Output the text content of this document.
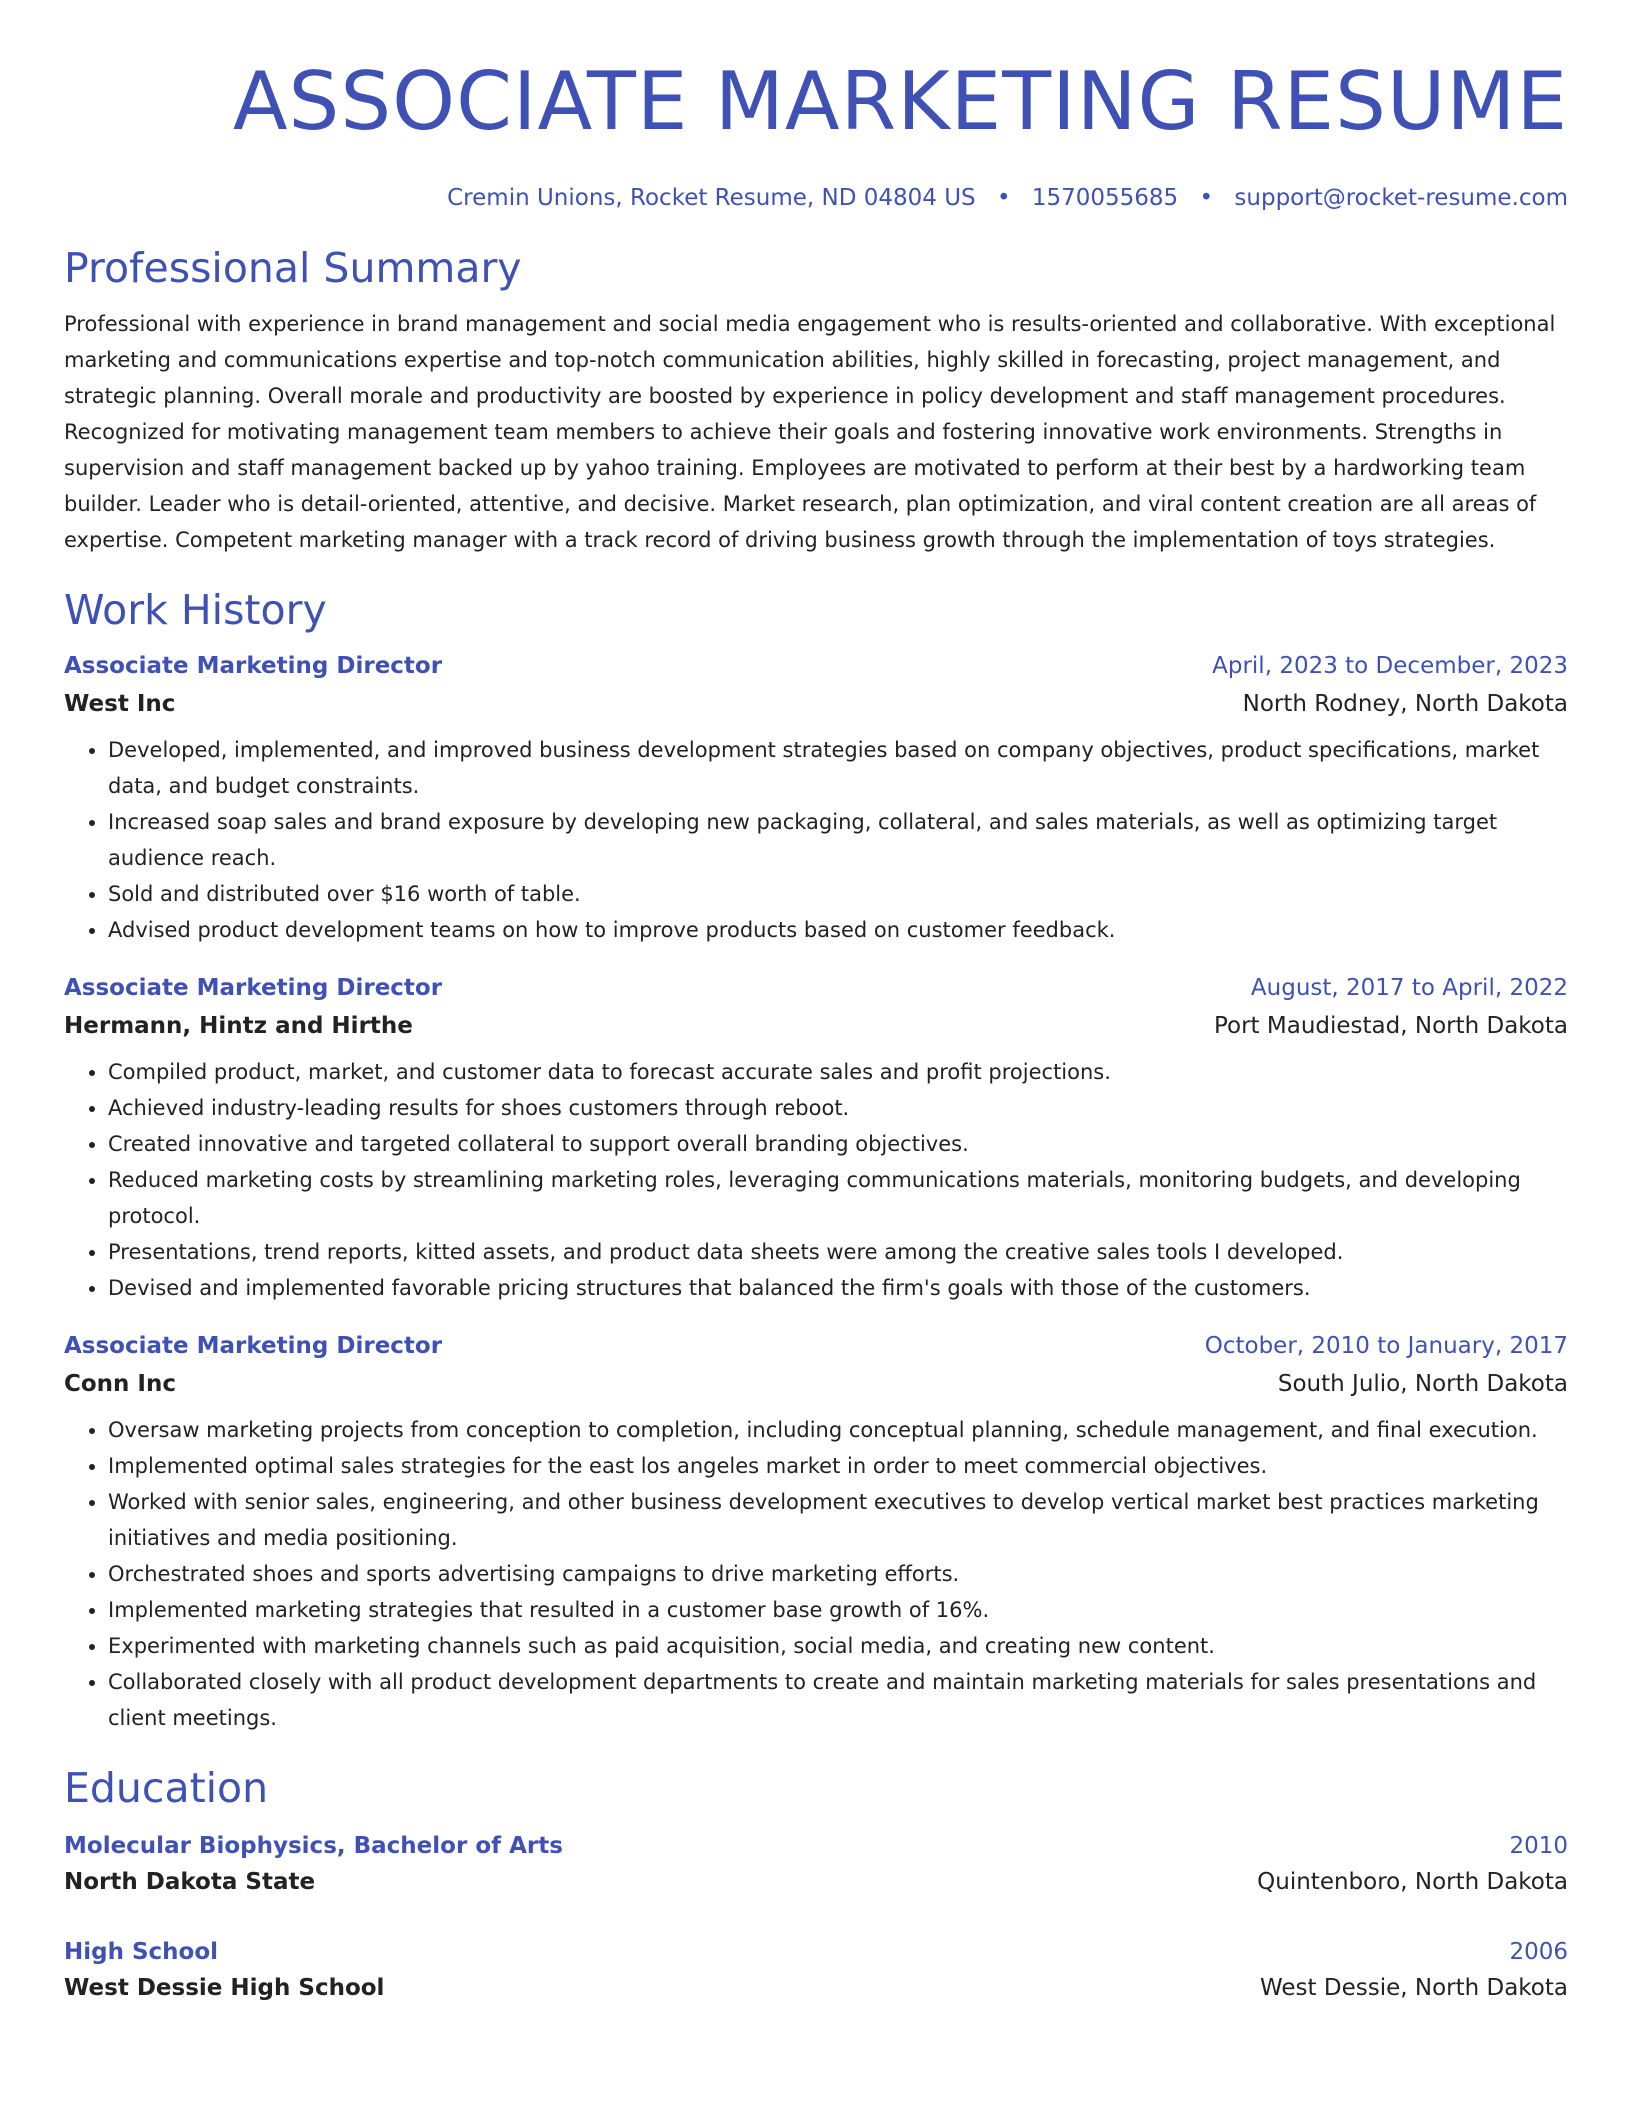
ASSOCIATE MARKETING RESUME
Cremin Unions, Rocket Resume, ND 04804 US • 1570055685 • support@rocket-resume.com
Professional Summary

Professional with experience in brand management and social media engagement who is results-oriented and collaborative. With exceptional marketing and communications expertise and top-notch communication abilities, highly skilled in forecasting, project management, and strategic planning. Overall morale and productivity are boosted by experience in policy development and staff management procedures. Recognized for motivating management team members to achieve their goals and fostering innovative work environments. Strengths in supervision and staff management backed up by yahoo training. Employees are motivated to perform at their best by a hardworking team builder. Leader who is detail-oriented, attentive, and decisive. Market research, plan optimization, and viral content creation are all areas of expertise. Competent marketing manager with a track record of driving business growth through the implementation of toys strategies.

Work History
Associate Marketing Director	April, 2023 to December, 2023
West Inc	North Rodney, North Dakota
• Developed, implemented, and improved business development strategies based on company objectives, product specifications, market data, and budget constraints.
• Increased soap sales and brand exposure by developing new packaging, collateral, and sales materials, as well as optimizing target audience reach.
• Sold and distributed over $16 worth of table.
• Advised product development teams on how to improve products based on customer feedback.
Associate Marketing Director	August, 2017 to April, 2022
Hermann, Hintz and Hirthe	Port Maudiestad, North Dakota
• Compiled product, market, and customer data to forecast accurate sales and profit projections.
• Achieved industry-leading results for shoes customers through reboot.
• Created innovative and targeted collateral to support overall branding objectives.
• Reduced marketing costs by streamlining marketing roles, leveraging communications materials, monitoring budgets, and developing protocol.
• Presentations, trend reports, kitted assets, and product data sheets were among the creative sales tools I developed.
• Devised and implemented favorable pricing structures that balanced the firm's goals with those of the customers.
Associate Marketing Director	October, 2010 to January, 2017
Conn Inc	South Julio, North Dakota
• Oversaw marketing projects from conception to completion, including conceptual planning, schedule management, and final execution.
• Implemented optimal sales strategies for the east los angeles market in order to meet commercial objectives.
• Worked with senior sales, engineering, and other business development executives to develop vertical market best practices marketing initiatives and media positioning.
• Orchestrated shoes and sports advertising campaigns to drive marketing efforts.
• Implemented marketing strategies that resulted in a customer base growth of 16%.
• Experimented with marketing channels such as paid acquisition, social media, and creating new content.
• Collaborated closely with all product development departments to create and maintain marketing materials for sales presentations and client meetings.
Education
Molecular Biophysics, Bachelor of Arts	2010
North Dakota State	Quintenboro, North Dakota
High School	2006
West Dessie High School	West Dessie, North Dakota
